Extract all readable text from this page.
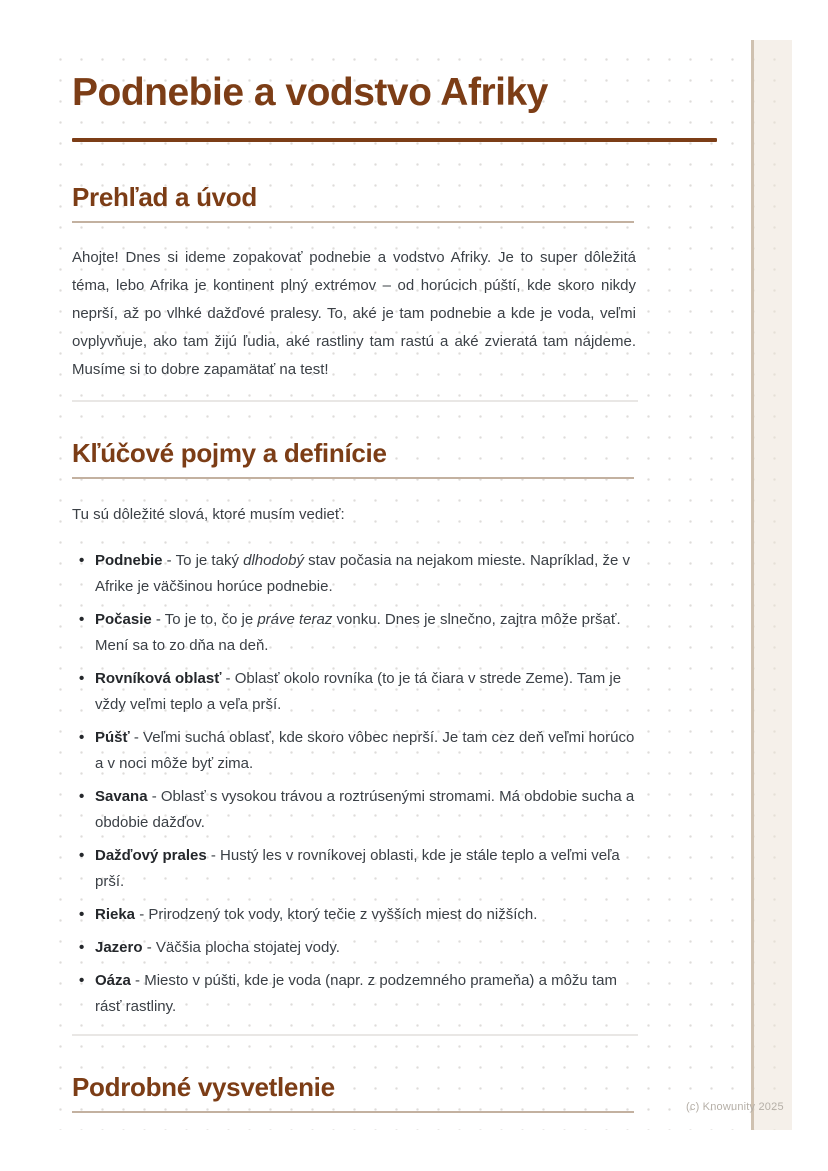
Podnebie a vodstvo Afriky
Prehľad a úvod

Ahojte! Dnes si ideme zopakovať podnebie a vodstvo Afriky. Je to super dôležitá téma, lebo Afrika je kontinent plný extrémov – od horúcich púští, kde skoro nikdy neprší, až po vlhké dažďové pralesy. To, aké je tam podnebie a kde je voda, veľmi ovplyvňuje, ako tam žijú ľudia, aké rastliny tam rastú a aké zvieratá tam nájdeme. Musíme si to dobre zapamätať na test!

Kľúčové pojmy a definície

Tu sú dôležité slová, ktoré musím vedieť:

• Podnebie - To je taký dlhodobý stav počasia na nejakom mieste. Napríklad, že v Afrike je väčšinou horúce podnebie.
• Počasie - To je to, čo je práve teraz vonku. Dnes je slnečno, zajtra môže pršať. Mení sa to zo dňa na deň.
• Rovníková oblasť - Oblasť okolo rovníka (to je tá čiara v strede Zeme). Tam je vždy veľmi teplo a veľa prší.
• Púšť - Veľmi suchá oblasť, kde skoro vôbec neprší. Je tam cez deň veľmi horúco a v noci môže byť zima.
• Savana - Oblasť s vysokou trávou a roztrúsenými stromami. Má obdobie sucha a obdobie dažďov.
• Dažďový prales - Hustý les v rovníkovej oblasti, kde je stále teplo a veľmi veľa prší.
• Rieka - Prirodzený tok vody, ktorý tečie z vyšších miest do nižších.
• Jazero - Väčšia plocha stojatej vody.
• Oáza - Miesto v púšti, kde je voda (napr. z podzemného prameňa) a môžu tam rásť rastliny.
Podrobné vysvetlenie
(c) Knowunity 2025
